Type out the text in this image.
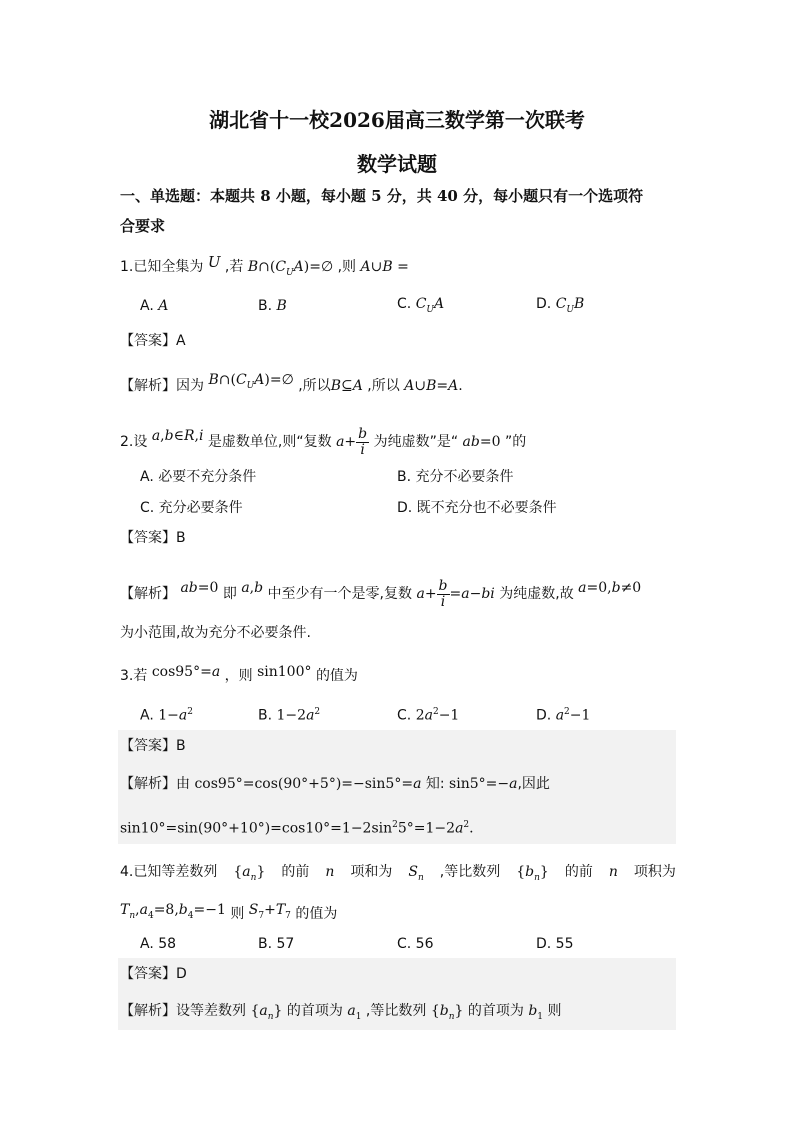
湖北省十一校2026届高三数学第一次联考
数学试题
一、单选题：本题共 8 小题，每小题 5 分，共 40 分，每小题只有一个选项符
合要求
1.已知全集为 U ,若 $B\cap(C_UA)=\emptyset$ ,则 A∪B =
A. A	B. B	C. $C_UA$	D. $C_UB$
【答案】A
【解析】因为 $B\cap(C_UA)=\emptyset$ ,所以B⊆A ,所以 A∪B=A.
2.设 a,b∈R,i 是虚数单位,则“复数 $a+ \frac{b}{i}$ 为纯虚数”是“ ab=0 ”的
A. 必要不充分条件	B. 充分不必要条件
C. 充分必要条件	D. 既不充分也不必要条件
【答案】B
【解析】 ab=0 即 a,b 中至少有一个是零,复数 $a+ \frac{b}{i} =a-bi$ 为纯虚数,故 a=0,b≠0
为小范围,故为充分不必要条件.
3.若 cos95°=a ，则 sin100° 的值为
A. $1-a^2$	B. $1-2a^2$	C. $2a^2-1$	D. $a^2-1$
【答案】B
【解析】由 cos95°=cos(90°+5°)=−sin5°=a 知: sin5°=−a,因此
$\sin 10^\circ=\sin(90^\circ+10^\circ)=\cos 10^\circ=1-2\sin^25^\circ=1-2a^2$.
4.已知等差数列 $\{a_n\}$ 的前 n 项和为 $S_n$ ,等比数列 $\{b_n\}$ 的前 n 项积为
$T_n,a_4=8,b_4=-1$ 则 $S_7+T_7$ 的值为
A. 58	B. 57	C. 56	D. 55
【答案】D
【解析】设等差数列 $\{a_n\}$ 的首项为 $a_1$ ,等比数列 $\{b_n\}$ 的首项为 $b_1$ 则
